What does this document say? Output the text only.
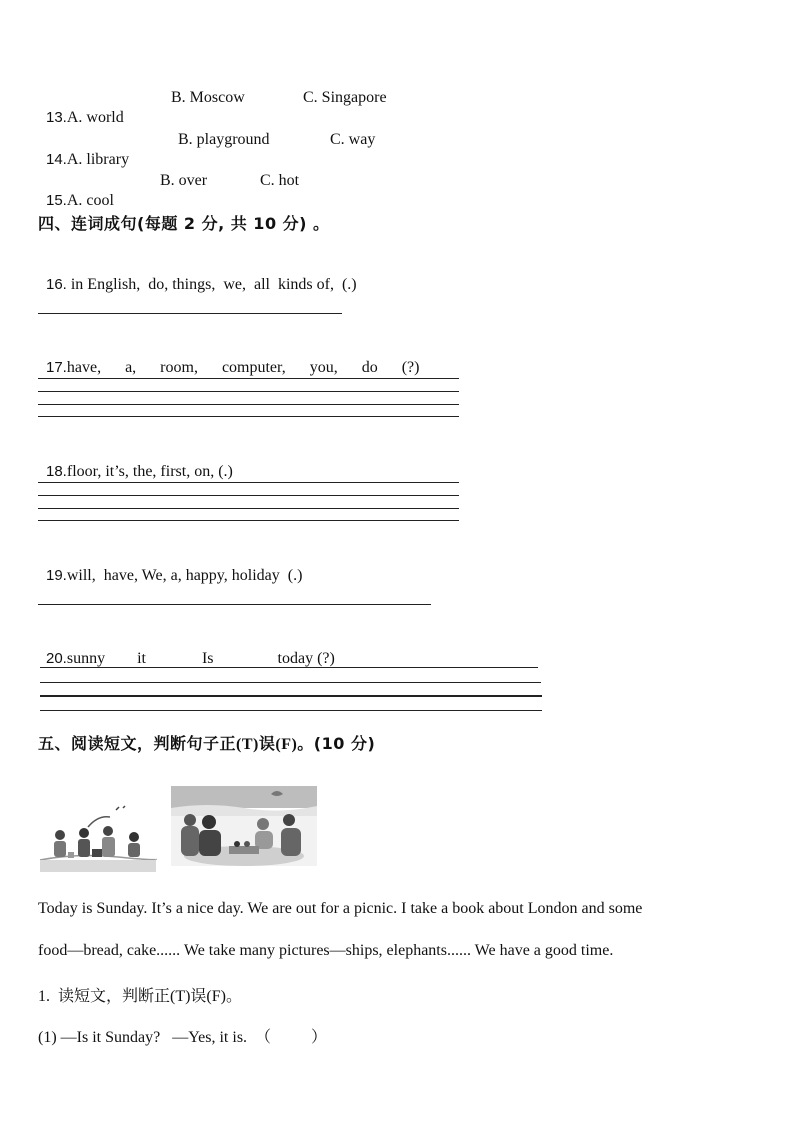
13.A. world

B. Moscow

	C. Singapore

14.A. library

B. playground

	C. way

15.A. cool

B. over

	C. hot

四、连词成句(每题 2 分, 共 10 分) 。

16. in English,  do, things,  we,  all  kinds of,  (.)

17.have,      a,      room,      computer,      you,      do      (?)

18.floor, it’s, the, first, on, (.)

19.will,  have, We, a, happy, holiday  (.)

20.sunny        it              Is                today (?)

五、阅读短文，判断句子正(T)误(F)。(10 分)
Today is Sunday. It’s a nice day. We are out for a picnic. I take a book about London and some
food—bread, cake...... We take many pictures—ships, elephants...... We have a good time.
1.  读短文，判断正(T)误(F)。
(1) —Is it Sunday?   —Yes, it is.  （          ）
